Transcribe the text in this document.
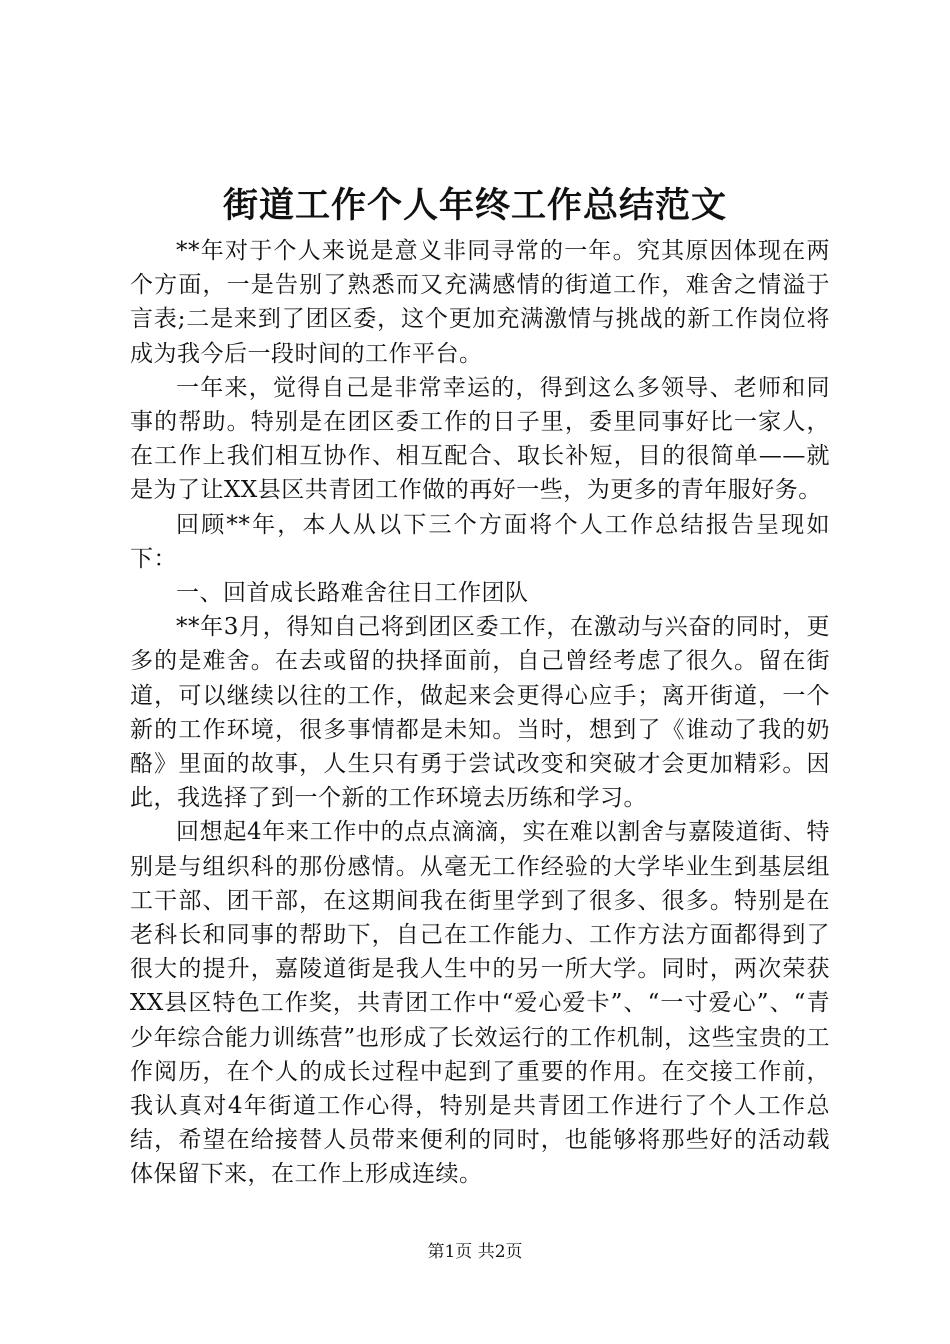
街道工作个人年终工作总结范文

**年对于个人来说是意义非同寻常的一年。究其原因体现在两个方面，一是告别了熟悉而又充满感情的街道工作，难舍之情溢于言表;二是来到了团区委，这个更加充满激情与挑战的新工作岗位将成为我今后一段时间的工作平台。

一年来，觉得自己是非常幸运的，得到这么多领导、老师和同事的帮助。特别是在团区委工作的日子里，委里同事好比一家人，在工作上我们相互协作、相互配合、取长补短，目的很简单——就是为了让XX县区共青团工作做的再好一些，为更多的青年服好务。

回顾**年，本人从以下三个方面将个人工作总结报告呈现如下：

一、回首成长路难舍往日工作团队

**年3月，得知自己将到团区委工作，在激动与兴奋的同时，更多的是难舍。在去或留的抉择面前，自己曾经考虑了很久。留在街道，可以继续以往的工作，做起来会更得心应手；离开街道，一个新的工作环境，很多事情都是未知。当时，想到了《谁动了我的奶酪》里面的故事，人生只有勇于尝试改变和突破才会更加精彩。因此，我选择了到一个新的工作环境去历练和学习。

回想起4年来工作中的点点滴滴，实在难以割舍与嘉陵道街、特别是与组织科的那份感情。从毫无工作经验的大学毕业生到基层组工干部、团干部，在这期间我在街里学到了很多、很多。特别是在老科长和同事的帮助下，自己在工作能力、工作方法方面都得到了很大的提升，嘉陵道街是我人生中的另一所大学。同时，两次荣获XX县区特色工作奖，共青团工作中“爱心爱卡”、“一寸爱心”、“青少年综合能力训练营”也形成了长效运行的工作机制，这些宝贵的工作阅历，在个人的成长过程中起到了重要的作用。在交接工作前，我认真对4年街道工作心得，特别是共青团工作进行了个人工作总结，希望在给接替人员带来便利的同时，也能够将那些好的活动载体保留下来，在工作上形成连续。

第1页 共2页
